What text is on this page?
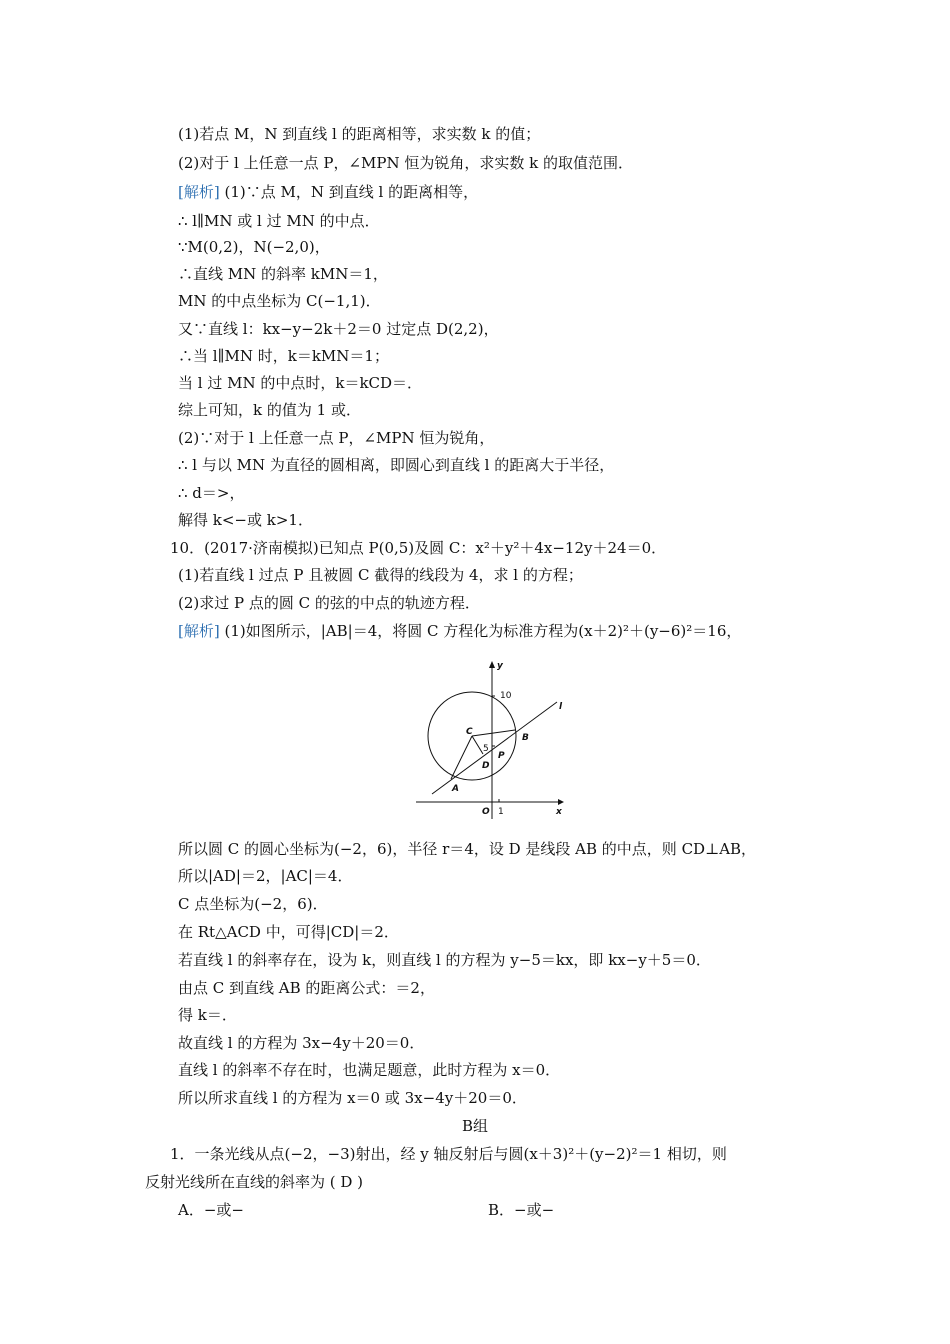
(1)若点 M，N 到直线 l 的距离相等，求实数 k 的值；
(2)对于 l 上任意一点 P，∠MPN 恒为锐角，求实数 k 的取值范围．
[解析] (1)∵点 M，N 到直线 l 的距离相等，
∴ l∥MN 或 l 过 MN 的中点．
∵M(0,2)，N(−2,0)，
∴直线 MN 的斜率 kMN＝1，
MN 的中点坐标为 C(−1,1)．
又∵直线 l：kx−y−2k＋2＝0 过定点 D(2,2)，
∴当 l∥MN 时，k＝kMN＝1；
当 l 过 MN 的中点时，k＝kCD＝．
综上可知，k 的值为 1 或．
(2)∵对于 l 上任意一点 P，∠MPN 恒为锐角，
∴ l 与以 MN 为直径的圆相离，即圆心到直线 l 的距离大于半径，
∴ d＝>，
解得 k<−或 k>1．
10．(2017·济南模拟)已知点 P(0,5)及圆 C：x²＋y²＋4x−12y＋24＝0．
(1)若直线 l 过点 P 且被圆 C 截得的线段为 4，求 l 的方程；
(2)求过 P 点的圆 C 的弦的中点的轨迹方程．
[解析] (1)如图所示，|AB|＝4，将圆 C 方程化为标准方程为(x＋2)²＋(y−6)²＝16，
y
x
10
l
C
5
B
P
D
A
O 1
所以圆 C 的圆心坐标为(−2，6)，半径 r＝4，设 D 是线段 AB 的中点，则 CD⊥AB，
所以|AD|＝2，|AC|＝4．
C 点坐标为(−2，6)．
在 Rt△ACD 中，可得|CD|＝2．
若直线 l 的斜率存在，设为 k，则直线 l 的方程为 y−5＝kx，即 kx−y＋5＝0．
由点 C 到直线 AB 的距离公式：＝2，
得 k＝．
故直线 l 的方程为 3x−4y＋20＝0．
直线 l 的斜率不存在时，也满足题意，此时方程为 x＝0．
所以所求直线 l 的方程为 x＝0 或 3x−4y＋20＝0．
B组
1．一条光线从点(−2，−3)射出，经 y 轴反射后与圆(x＋3)²＋(y−2)²＝1 相切，则
反射光线所在直线的斜率为 ( D )
A．−或−	B．−或−
